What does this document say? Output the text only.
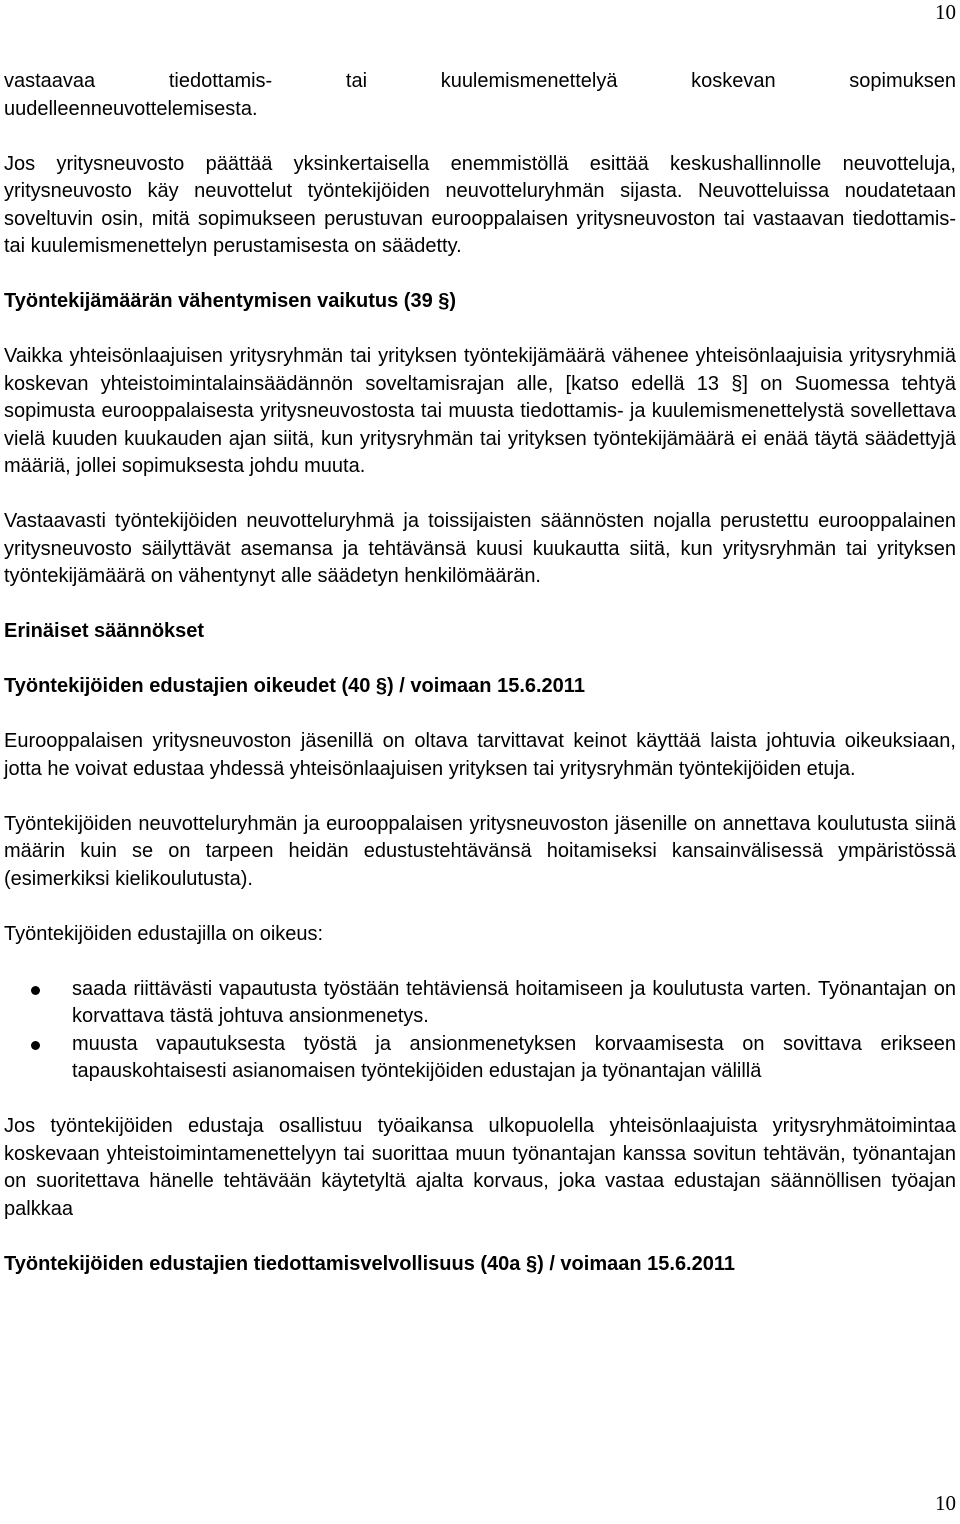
10

vastaavaa tiedottamis- tai kuulemismenettelyä koskevan sopimuksen

uudelleenneuvottelemisesta.

Jos yritysneuvosto päättää yksinkertaisella enemmistöllä esittää keskushallinnolle neuvotteluja, yritysneuvosto käy neuvottelut työntekijöiden neuvotteluryhmän sijasta. Neuvotteluissa noudatetaan soveltuvin osin, mitä sopimukseen perustuvan eurooppalaisen yritysneuvoston tai vastaavan tiedottamis- tai kuulemismenettelyn perustamisesta on säädetty.

Työntekijämäärän vähentymisen vaikutus (39 §)

Vaikka yhteisönlaajuisen yritysryhmän tai yrityksen työntekijämäärä vähenee yhteisönlaajuisia yritysryhmiä koskevan yhteistoimintalainsäädännön soveltamisrajan alle, [katso edellä 13 §] on Suomessa tehtyä sopimusta eurooppalaisesta yritysneuvostosta tai muusta tiedottamis- ja kuulemismenettelystä sovellettava vielä kuuden kuukauden ajan siitä, kun yritysryhmän tai yrityksen työntekijämäärä ei enää täytä säädettyjä määriä, jollei sopimuksesta johdu muuta.

Vastaavasti työntekijöiden neuvotteluryhmä ja toissijaisten säännösten nojalla perustettu eurooppalainen yritysneuvosto säilyttävät asemansa ja tehtävänsä kuusi kuukautta siitä, kun yritysryhmän tai yrityksen työntekijämäärä on vähentynyt alle säädetyn henkilömäärän.

Erinäiset säännökset
Työntekijöiden edustajien oikeudet (40 §) / voimaan 15.6.2011

Eurooppalaisen yritysneuvoston jäsenillä on oltava tarvittavat keinot käyttää laista johtuvia oikeuksiaan, jotta he voivat edustaa yhdessä yhteisönlaajuisen yrityksen tai yritysryhmän työntekijöiden etuja.

Työntekijöiden neuvotteluryhmän ja eurooppalaisen yritysneuvoston jäsenille on annettava koulutusta siinä määrin kuin se on tarpeen heidän edustustehtävänsä hoitamiseksi kansainvälisessä ympäristössä (esimerkiksi kielikoulutusta).

Työntekijöiden edustajilla on oikeus:

saada riittävästi vapautusta työstään tehtäviensä hoitamiseen ja koulutusta varten. Työnantajan on korvattava tästä johtuva ansionmenetys.
muusta vapautuksesta työstä ja ansionmenetyksen korvaamisesta on sovittava erikseen tapauskohtaisesti asianomaisen työntekijöiden edustajan ja työnantajan välillä

Jos työntekijöiden edustaja osallistuu työaikansa ulkopuolella yhteisönlaajuista yritysryhmätoimintaa koskevaan yhteistoimintamenettelyyn tai suorittaa muun työnantajan kanssa sovitun tehtävän, työnantajan on suoritettava hänelle tehtävään käytetyltä ajalta korvaus, joka vastaa edustajan säännöllisen työajan palkkaa

Työntekijöiden edustajien tiedottamisvelvollisuus (40a §) / voimaan 15.6.2011
10
